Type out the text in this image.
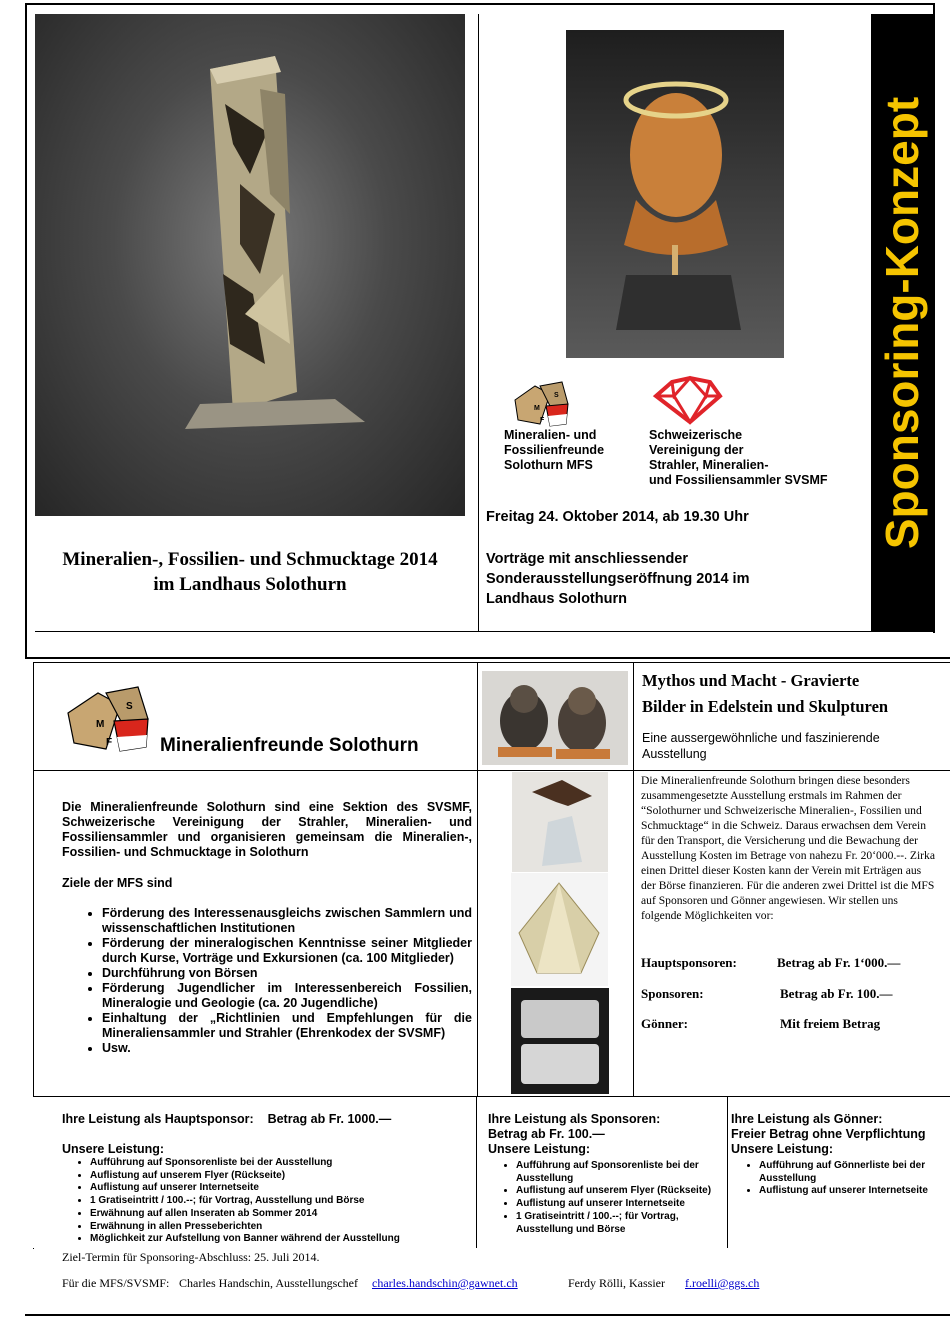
Mineralien-, Fossilien- und Schmucktage 2014
im Landhaus Solothurn
M
F
S
Mineralien- und
Fossilienfreunde
Solothurn MFS
Schweizerische
Vereinigung der
Strahler, Mineralien-
und Fossiliensammler SVSMF
Freitag 24. Oktober 2014, ab 19.30 Uhr
Vorträge mit anschliessender
Sonderausstellungseröffnung 2014 im
Landhaus Solothurn
Sponsoring-Konzept
M
F
S
Mineralienfreunde Solothurn
Die Mineralienfreunde Solothurn sind eine Sektion des SVSMF, Schweizerische Vereinigung der Strahler, Mineralien- und Fossiliensammler und organisieren gemeinsam die Mineralien-, Fossilien- und Schmucktage in Solothurn
Ziele der MFS sind
• Förderung des Interessenausgleichs zwischen Sammlern und wissenschaftlichen Institutionen
• Förderung der mineralogischen Kenntnisse seiner Mitglieder durch Kurse, Vorträge und Exkursionen (ca. 100 Mitglieder)
• Durchführung von Börsen
• Förderung Jugendlicher im Interessenbereich Fossilien, Mineralogie und Geologie (ca. 20 Jugendliche)
• Einhaltung der „Richtlinien und Empfehlungen für die Mineraliensammler und Strahler (Ehrenkodex der SVSMF)
• Usw.
Mythos und Macht - Gravierte
Bilder in Edelstein und Skulpturen
Eine aussergewöhnliche und faszinierende
Ausstellung
Die Mineralienfreunde Solothurn bringen diese besonders zusammengesetzte Ausstellung erstmals im Rahmen der “Solothurner und Schweizerische Mineralien-, Fossilien und Schmucktage“ in die Schweiz. Daraus erwachsen dem Verein für den Transport, die Versicherung und die Bewachung der Ausstellung Kosten im Betrage von nahezu Fr. 20‘000.--. Zirka einen Drittel dieser Kosten kann der Verein mit Erträgen aus der Börse finanzieren. Für die anderen zwei Drittel ist die MFS auf Sponsoren und Gönner angewiesen. Wir stellen uns folgende Möglichkeiten vor:
Hauptsponsoren:	Betrag ab Fr. 1‘000.—
Sponsoren:	Betrag ab Fr. 100.—
Gönner:	Mit freiem Betrag
Ihre Leistung als Hauptsponsor:    Betrag ab Fr. 1000.—
Unsere Leistung:
• Aufführung auf Sponsorenliste bei der Ausstellung
• Auflistung auf unserem Flyer (Rückseite)
• Auflistung auf unserer Internetseite
• 1 Gratiseintritt / 100.--; für Vortrag, Ausstellung und Börse
• Erwähnung auf allen Inseraten ab Sommer 2014
• Erwähnung in allen Presseberichten
• Möglichkeit zur Aufstellung von Banner während der Ausstellung
Ihre Leistung als Sponsoren:
Betrag ab Fr. 100.—
Unsere Leistung:
• Aufführung auf Sponsorenliste bei der Ausstellung
• Auflistung auf unserem Flyer (Rückseite)
• Auflistung auf unserer Internetseite
• 1 Gratiseintritt / 100.--; für Vortrag, Ausstellung und Börse
Ihre Leistung als Gönner:
Freier Betrag ohne Verpflichtung
Unsere Leistung:
• Aufführung auf Gönnerliste bei der Ausstellung
• Auflistung auf unserer Internetseite
Ziel-Termin für Sponsoring-Abschluss: 25. Juli 2014.
Für die MFS/SVSMF: Charles Handschin, Ausstellungschef charles.handschin@gawnet.ch	Ferdy Rölli, Kassier f.roelli@ggs.ch
